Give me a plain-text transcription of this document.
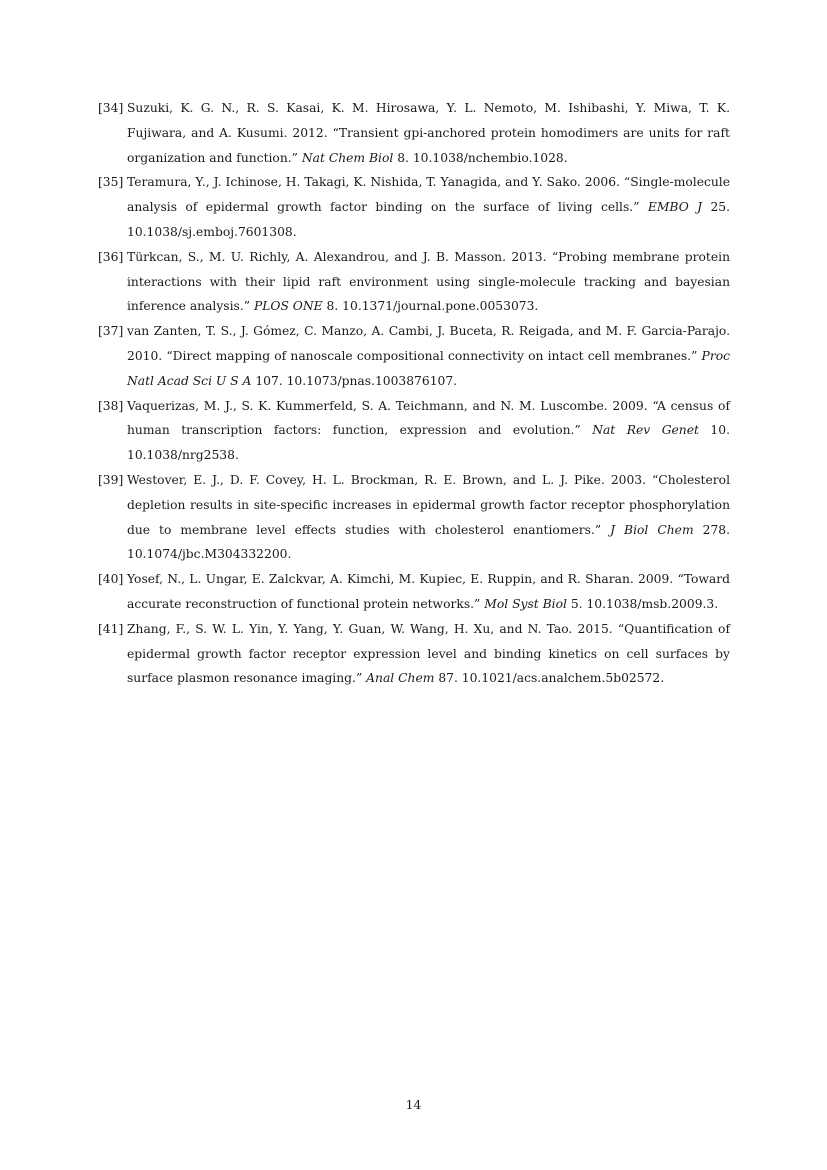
[34] Suzuki, K. G. N., R. S. Kasai, K. M. Hirosawa, Y. L. Nemoto, M. Ishibashi, Y. Miwa, T. K. Fujiwara, and A. Kusumi. 2012. “Transient gpi-anchored protein homodimers are units for raft organization and function.” Nat Chem Biol 8. 10.1038/nchembio.1028.
[35] Teramura, Y., J. Ichinose, H. Takagi, K. Nishida, T. Yanagida, and Y. Sako. 2006. “Single-molecule analysis of epidermal growth factor binding on the surface of living cells.” EMBO J 25. 10.1038/sj.emboj.7601308.
[36] Türkcan, S., M. U. Richly, A. Alexandrou, and J. B. Masson. 2013. “Probing membrane protein interactions with their lipid raft environment using single-molecule tracking and bayesian inference analysis.” PLOS ONE 8. 10.1371/journal.pone.0053073.
[37] van Zanten, T. S., J. Gómez, C. Manzo, A. Cambi, J. Buceta, R. Reigada, and M. F. Garcia-Parajo. 2010. “Direct mapping of nanoscale compositional connectivity on intact cell membranes.” Proc Natl Acad Sci U S A 107. 10.1073/pnas.1003876107.
[38] Vaquerizas, M. J., S. K. Kummerfeld, S. A. Teichmann, and N. M. Luscombe. 2009. “A census of human transcription factors: function, expression and evolution.” Nat Rev Genet 10. 10.1038/nrg2538.
[39] Westover, E. J., D. F. Covey, H. L. Brockman, R. E. Brown, and L. J. Pike. 2003. “Cholesterol depletion results in site-specific increases in epidermal growth factor receptor phosphorylation due to membrane level effects studies with cholesterol enantiomers.” J Biol Chem 278. 10.1074/jbc.M304332200.
[40] Yosef, N., L. Ungar, E. Zalckvar, A. Kimchi, M. Kupiec, E. Ruppin, and R. Sharan. 2009. “Toward accurate reconstruction of functional protein networks.” Mol Syst Biol 5. 10.1038/msb.2009.3.
[41] Zhang, F., S. W. L. Yin, Y. Yang, Y. Guan, W. Wang, H. Xu, and N. Tao. 2015. “Quantification of epidermal growth factor receptor expression level and binding kinetics on cell surfaces by surface plasmon resonance imaging.” Anal Chem 87. 10.1021/acs.analchem.5b02572.
14
